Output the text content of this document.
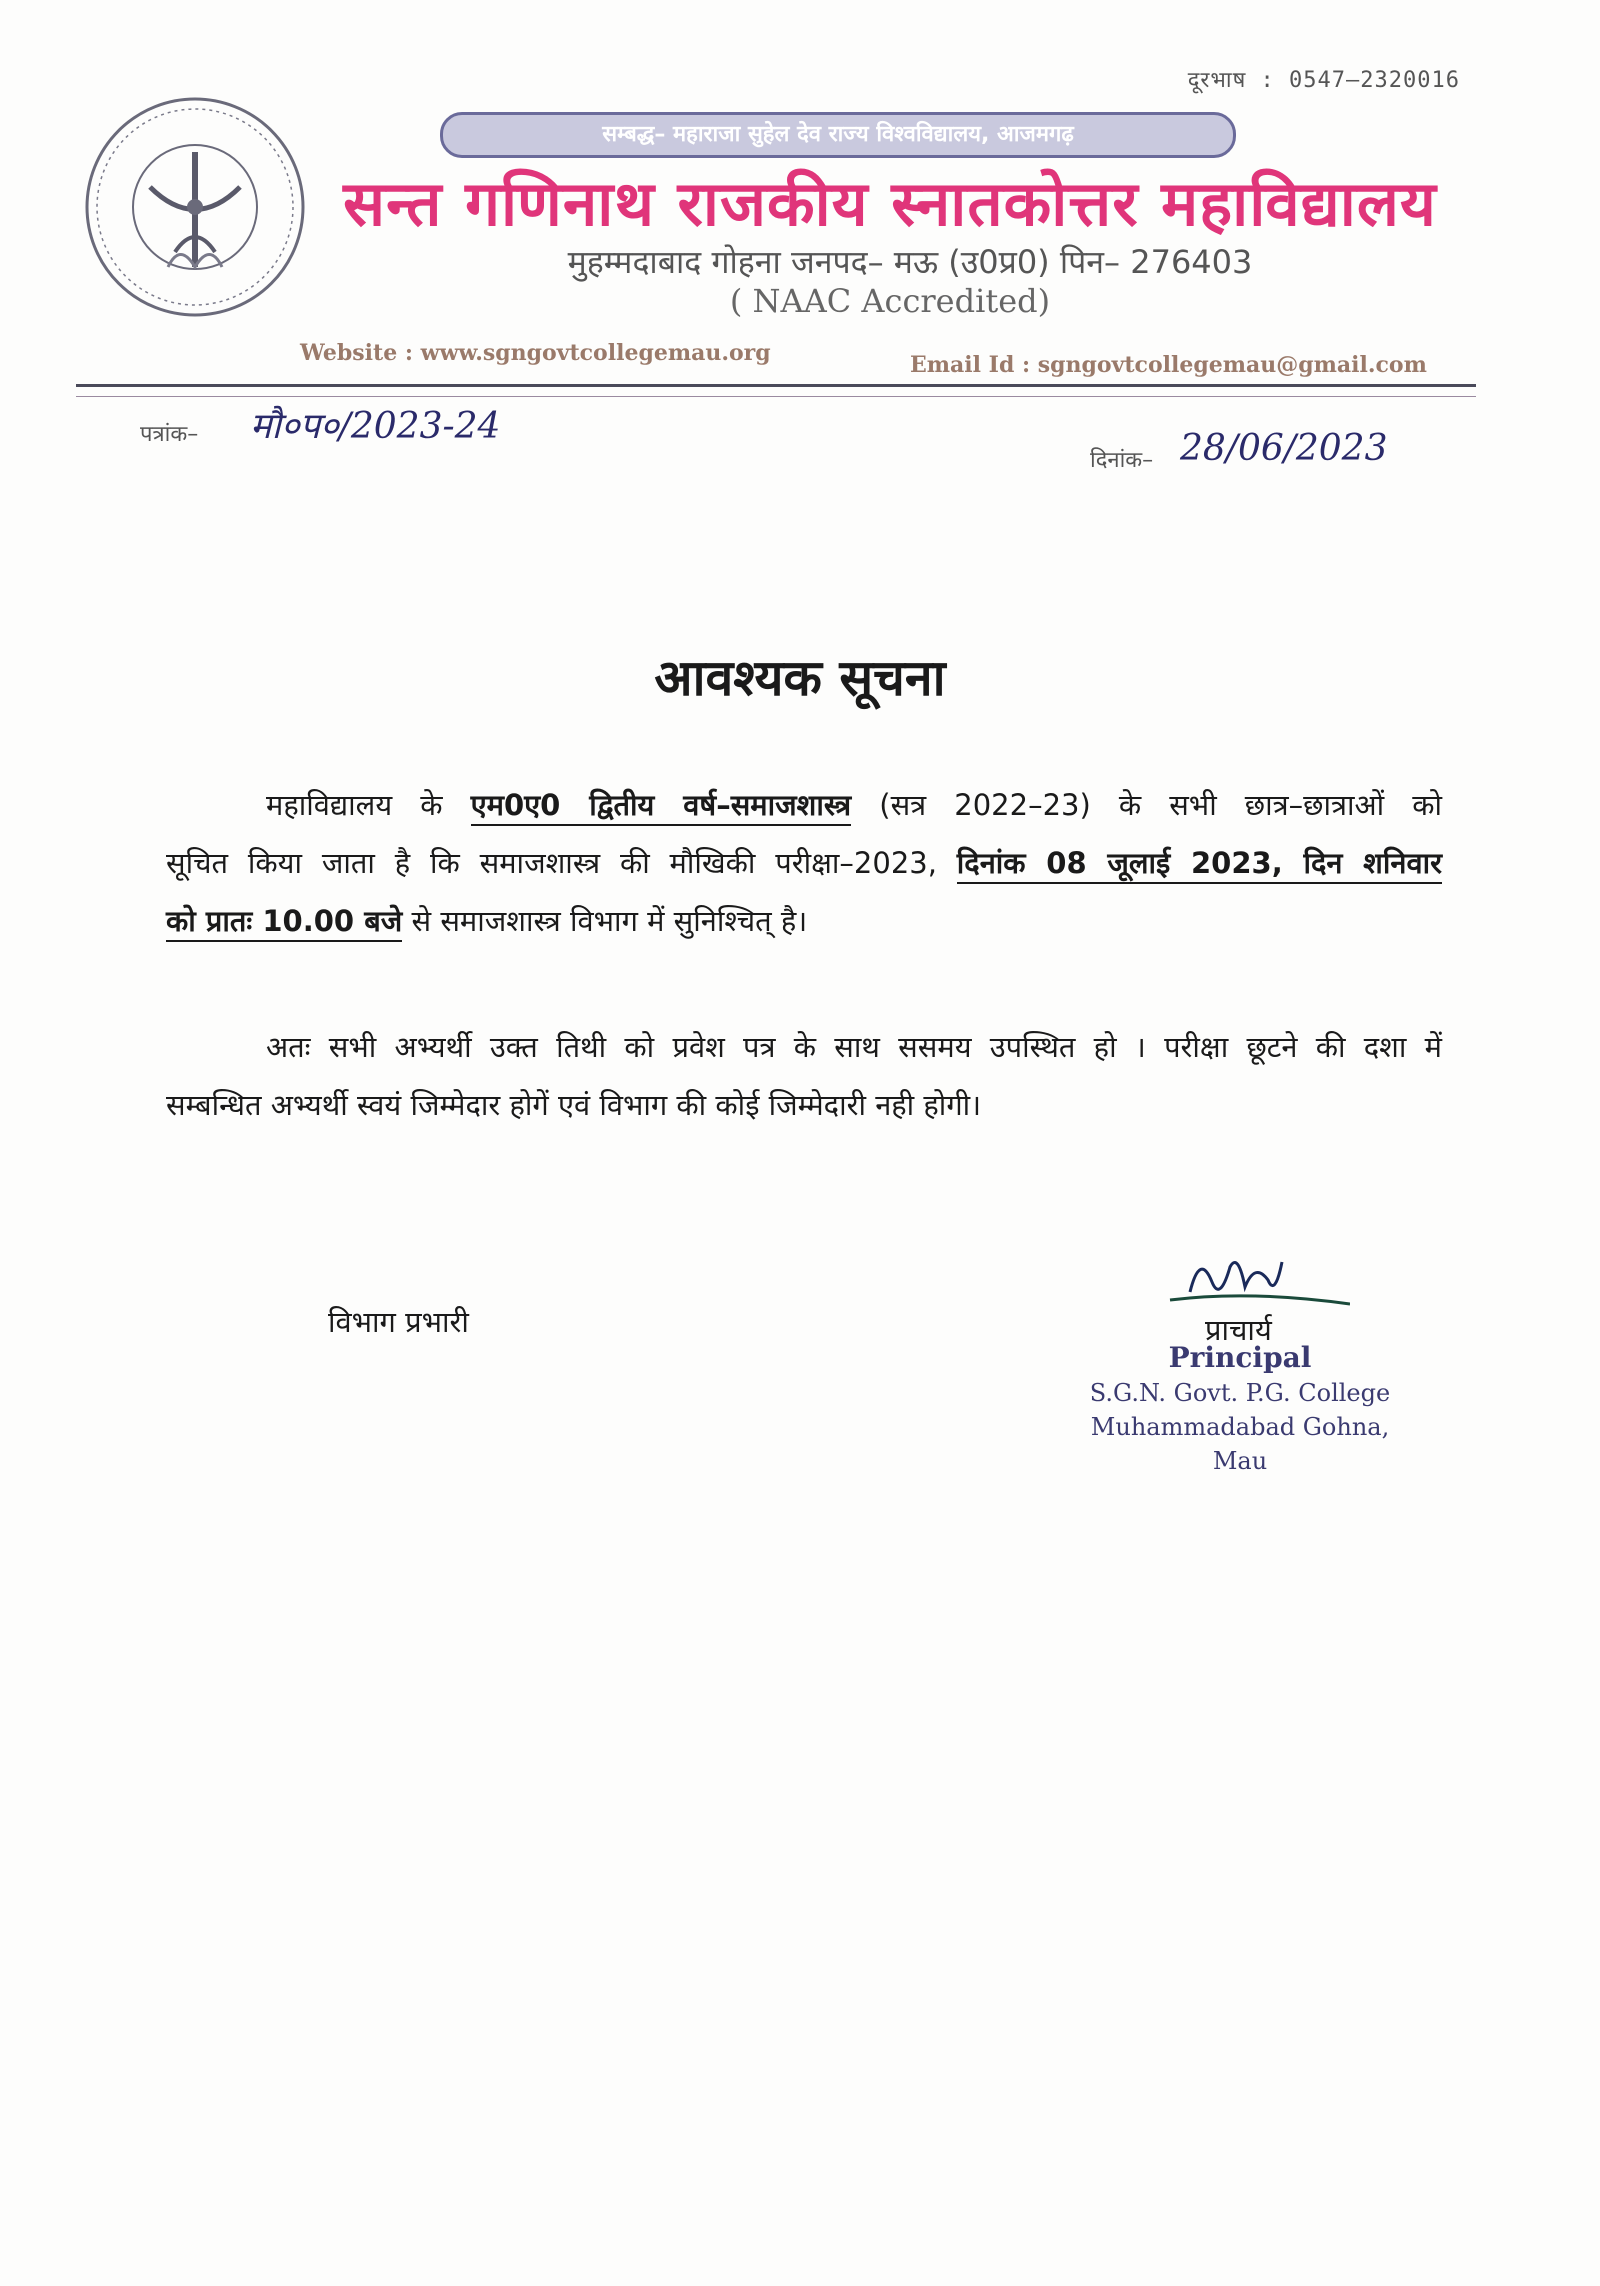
दूरभाष : 0547–2320016
सम्बद्ध– महाराजा सुहेल देव राज्य विश्वविद्यालय, आजमगढ़
सन्त गणिनाथ राजकीय स्नातकोत्तर महाविद्यालय
मुहम्मदाबाद गोहना जनपद– मऊ (उ0प्र0) पिन– 276403
( NAAC Accredited)
Website : www.sgngovtcollegemau.org	Email Id : sgngovtcollegemau@gmail.com
पत्रांक– मौ०प०/2023-24
दिनांक– 28/06/2023
आवश्यक सूचना
महाविद्यालय के एम0ए0 द्वितीय वर्ष–समाजशास्त्र (सत्र 2022–23) के सभी छात्र–छात्राओं को
सूचित किया जाता है कि समाजशास्त्र की मौखिकी परीक्षा–2023, दिनांक 08 जूलाई 2023, दिन शनिवार
को प्रातः 10.00 बजे से समाजशास्त्र विभाग में सुनिश्चित् है।
अतः सभी अभ्यर्थी उक्त तिथी को प्रवेश पत्र के साथ ससमय उपस्थित हो । परीक्षा छूटने की दशा में
सम्बन्धित अभ्यर्थी स्वयं जिम्मेदार होगें एवं विभाग की कोई जिम्मेदारी नही होगी।
विभाग प्रभारी	प्राचार्य
Principal
S.G.N. Govt. P.G. College
Muhammadabad Gohna, Mau
